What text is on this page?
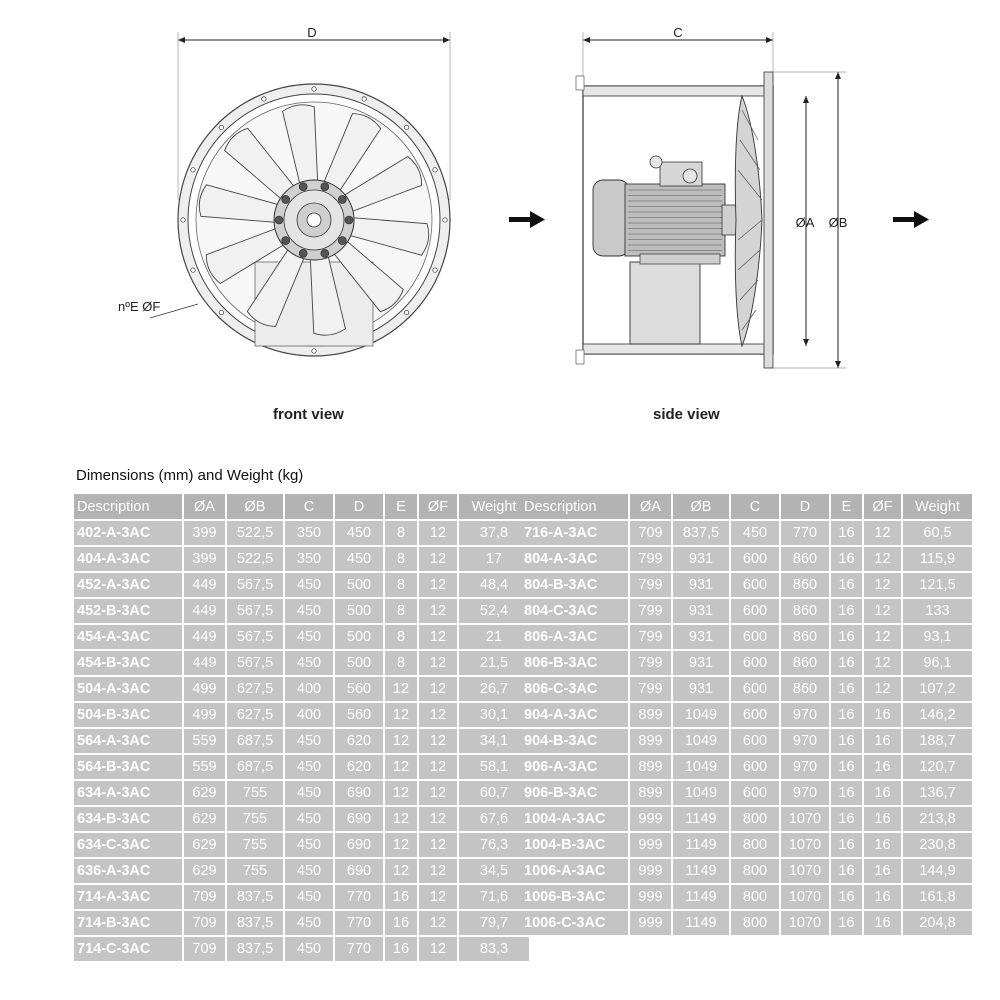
D
nºE ØF
C
ØA ØB
front view	side view
Dimensions (mm) and Weight (kg)
Description	ØA	ØB	C	D	E	ØF	Weight
402-A-3AC	399	522,5	350	450	8	12	37,8
404-A-3AC	399	522,5	350	450	8	12	17
452-A-3AC	449	567,5	450	500	8	12	48,4
452-B-3AC	449	567,5	450	500	8	12	52,4
454-A-3AC	449	567,5	450	500	8	12	21
454-B-3AC	449	567,5	450	500	8	12	21,5
504-A-3AC	499	627,5	400	560	12	12	26,7
504-B-3AC	499	627,5	400	560	12	12	30,1
564-A-3AC	559	687,5	450	620	12	12	34,1
564-B-3AC	559	687,5	450	620	12	12	58,1
634-A-3AC	629	755	450	690	12	12	60,7
634-B-3AC	629	755	450	690	12	12	67,6
634-C-3AC	629	755	450	690	12	12	76,3
636-A-3AC	629	755	450	690	12	12	34,5
714-A-3AC	709	837,5	450	770	16	12	71,6
714-B-3AC	709	837,5	450	770	16	12	79,7
714-C-3AC	709	837,5	450	770	16	12	83,3
Description	ØA	ØB	C	D	E	ØF	Weight
716-A-3AC	709	837,5	450	770	16	12	60,5
804-A-3AC	799	931	600	860	16	12	115,9
804-B-3AC	799	931	600	860	16	12	121,5
804-C-3AC	799	931	600	860	16	12	133
806-A-3AC	799	931	600	860	16	12	93,1
806-B-3AC	799	931	600	860	16	12	96,1
806-C-3AC	799	931	600	860	16	12	107,2
904-A-3AC	899	1049	600	970	16	16	146,2
904-B-3AC	899	1049	600	970	16	16	188,7
906-A-3AC	899	1049	600	970	16	16	120,7
906-B-3AC	899	1049	600	970	16	16	136,7
1004-A-3AC	999	1149	800	1070	16	16	213,8
1004-B-3AC	999	1149	800	1070	16	16	230,8
1006-A-3AC	999	1149	800	1070	16	16	144,9
1006-B-3AC	999	1149	800	1070	16	16	161,8
1006-C-3AC	999	1149	800	1070	16	16	204,8
